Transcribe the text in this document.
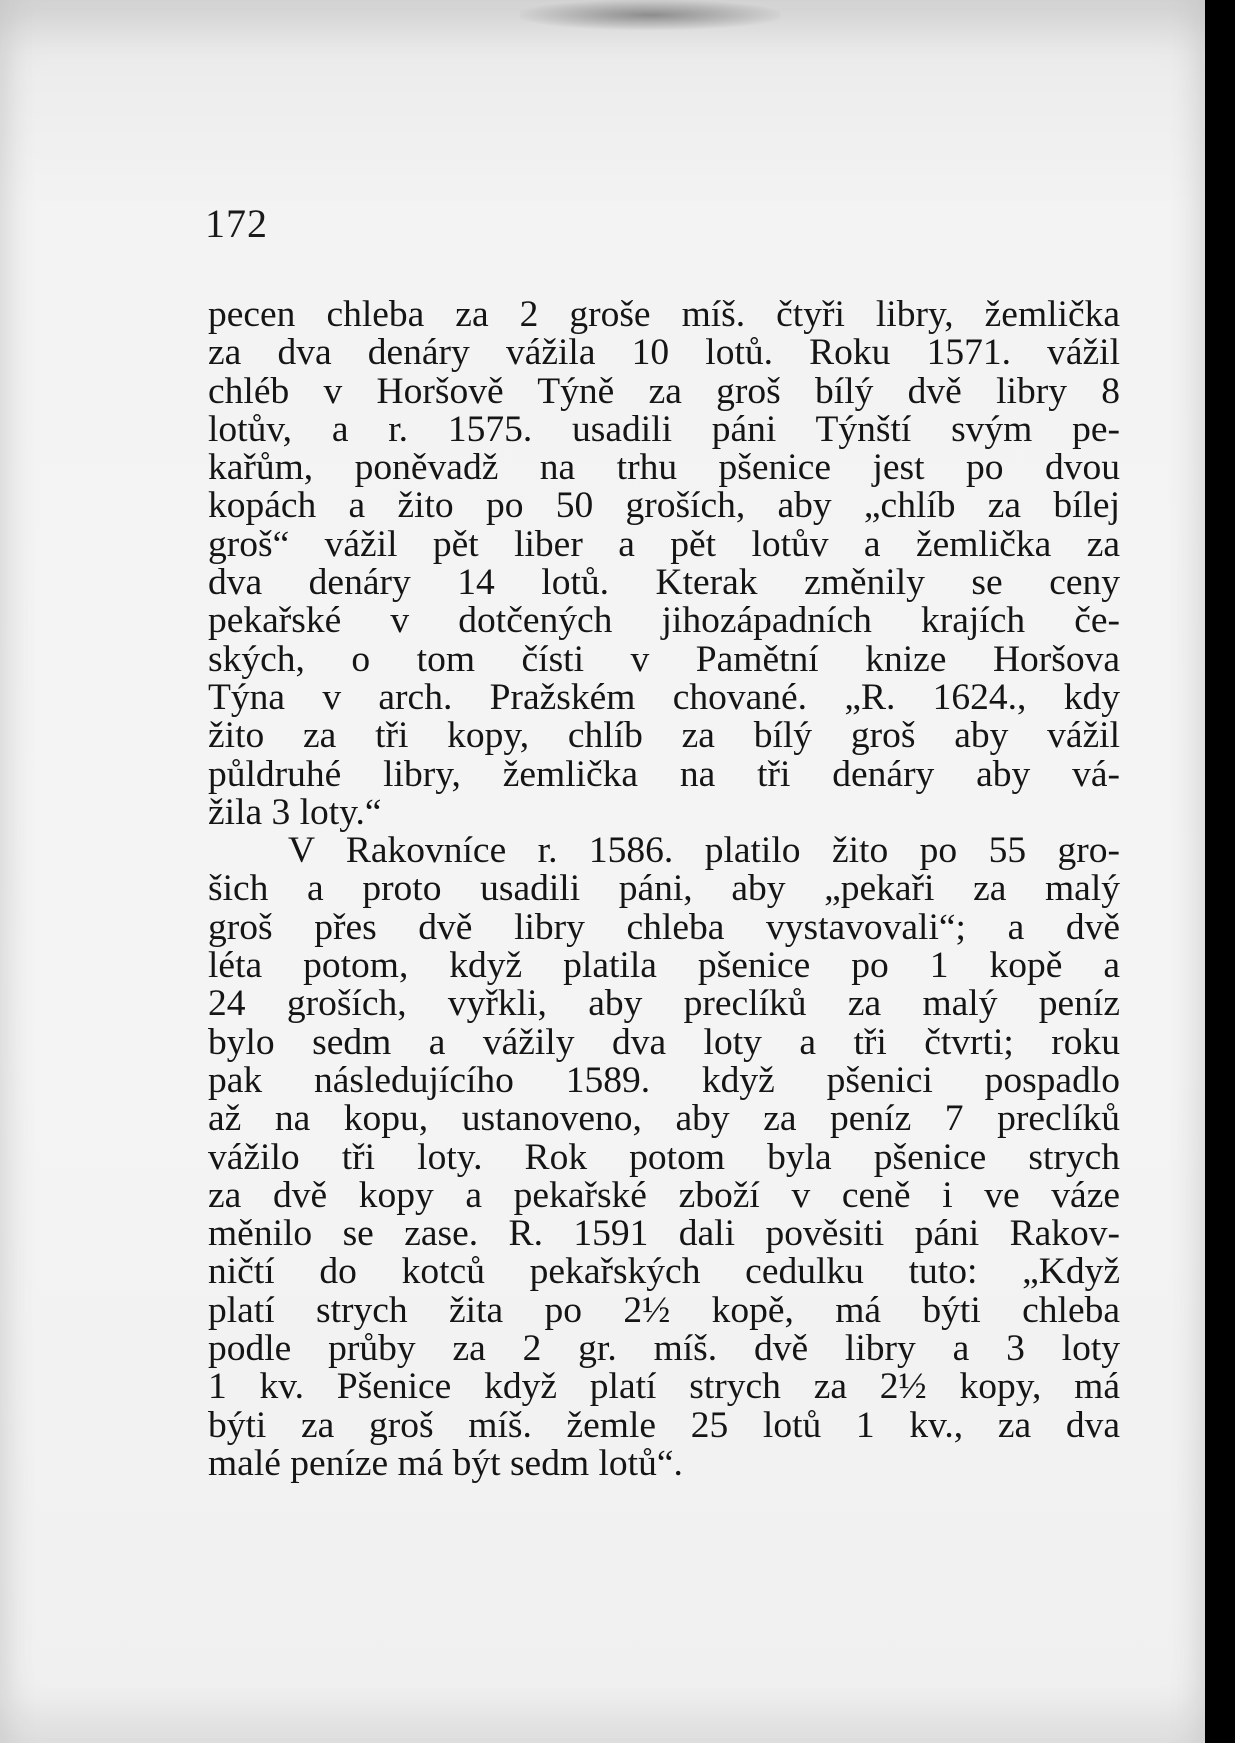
172
pecen chleba za 2 groše míš. čtyři libry, žemlička
za dva denáry vážila 10 lotů. Roku 1571. vážil
chléb v Horšově Týně za groš bílý dvě libry 8
lotův, a r. 1575. usadili páni Týnští svým pe-
kařům, poněvadž na trhu pšenice jest po dvou
kopách a žito po 50 groších, aby „chlíb za bílej
groš“ vážil pět liber a pět lotův a žemlička za
dva denáry 14 lotů. Kterak změnily se ceny
pekařské v dotčených jihozápadních krajích če-
ských, o tom čísti v Pamětní knize Horšova
Týna v arch. Pražském chované. „R. 1624., kdy
žito za tři kopy, chlíb za bílý groš aby vážil
půldruhé libry, žemlička na tři denáry aby vá-
žila 3 loty.“
V Rakovníce r. 1586. platilo žito po 55 gro-
šich a proto usadili páni, aby „pekaři za malý
groš přes dvě libry chleba vystavovali“; a dvě
léta potom, když platila pšenice po 1 kopě a
24 groších, vyřkli, aby preclíků za malý peníz
bylo sedm a vážily dva loty a tři čtvrti; roku
pak následujícího 1589. když pšenici pospadlo
až na kopu, ustanoveno, aby za peníz 7 preclíků
vážilo tři loty. Rok potom byla pšenice strych
za dvě kopy a pekařské zboží v ceně i ve váze
měnilo se zase. R. 1591 dali pověsiti páni Rakov-
ničtí do kotců pekařských cedulku tuto: „Když
platí strych žita po 2½ kopě, má býti chleba
podle průby za 2 gr. míš. dvě libry a 3 loty
1 kv. Pšenice když platí strych za 2½ kopy, má
býti za groš míš. žemle 25 lotů 1 kv., za dva
malé peníze má být sedm lotů“.
